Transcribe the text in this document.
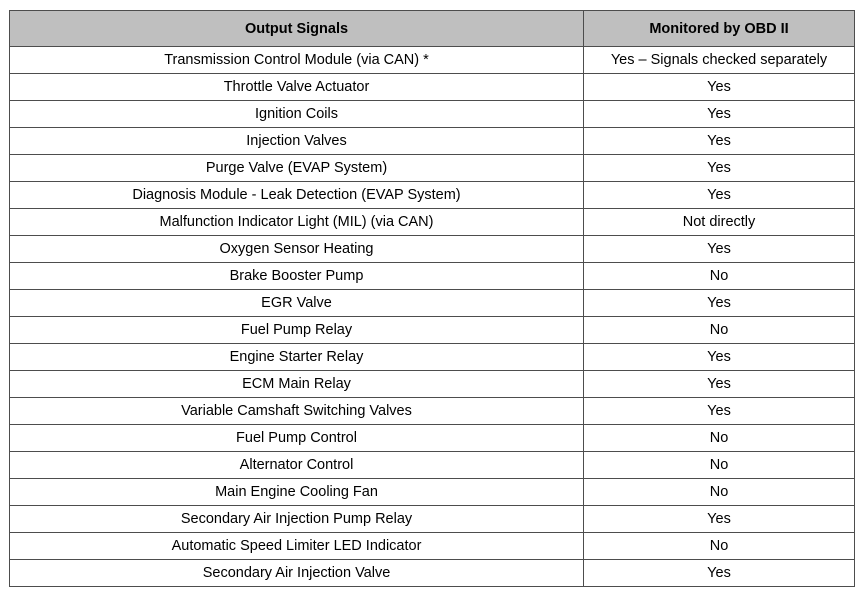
Output Signals	Monitored by OBD II
Transmission Control Module (via CAN) *	Yes – Signals checked separately
Throttle Valve Actuator	Yes
Ignition Coils	Yes
Injection Valves	Yes
Purge Valve (EVAP System)	Yes
Diagnosis Module - Leak Detection (EVAP System)	Yes
Malfunction Indicator Light (MIL) (via CAN)	Not directly
Oxygen Sensor Heating	Yes
Brake Booster Pump	No
EGR Valve	Yes
Fuel Pump Relay	No
Engine Starter Relay	Yes
ECM Main Relay	Yes
Variable Camshaft Switching Valves	Yes
Fuel Pump Control	No
Alternator Control	No
Main Engine Cooling Fan	No
Secondary Air Injection Pump Relay	Yes
Automatic Speed Limiter LED Indicator	No
Secondary Air Injection Valve	Yes
